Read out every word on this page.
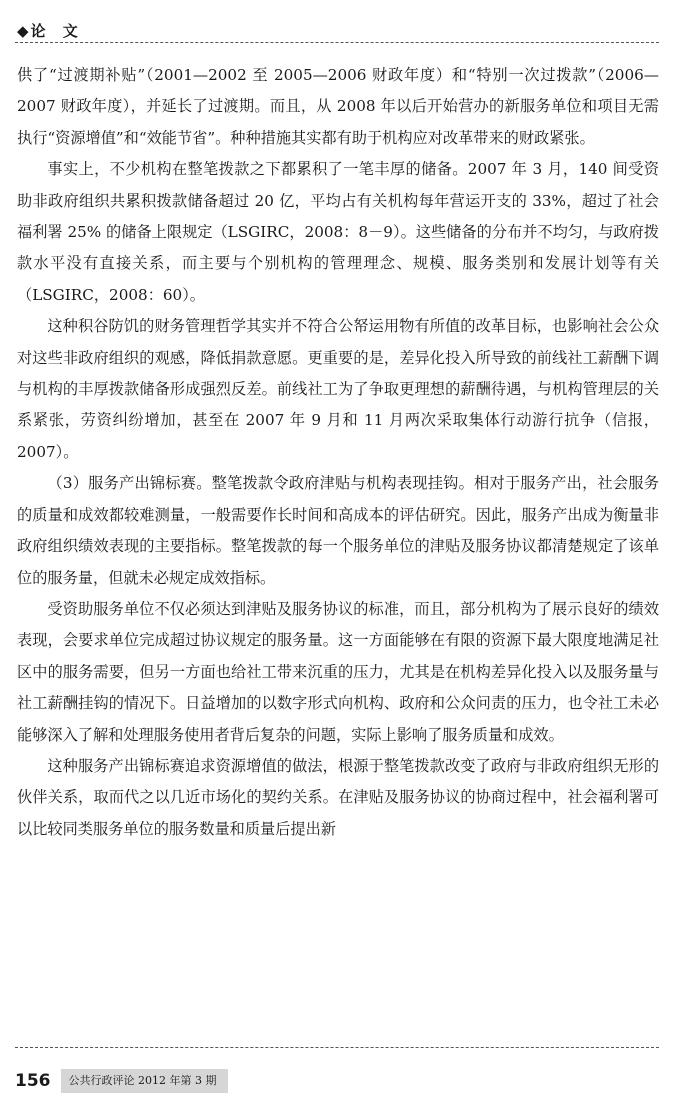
◆论 文

供了“过渡期补贴”（2001—2002 至 2005—2006 财政年度）和“特别一次过拨款”（2006—2007 财政年度），并延长了过渡期。而且，从 2008 年以后开始营办的新服务单位和项目无需执行“资源增值”和“效能节省”。种种措施其实都有助于机构应对改革带来的财政紧张。

事实上，不少机构在整笔拨款之下都累积了一笔丰厚的储备。2007 年 3 月，140 间受资助非政府组织共累积拨款储备超过 20 亿，平均占有关机构每年营运开支的 33%，超过了社会福利署 25% 的储备上限规定（LSGIRC，2008：8－9）。这些储备的分布并不均匀，与政府拨款水平没有直接关系，而主要与个别机构的管理理念、规模、服务类别和发展计划等有关（LSGIRC，2008：60）。

这种积谷防饥的财务管理哲学其实并不符合公帑运用物有所值的改革目标，也影响社会公众对这些非政府组织的观感，降低捐款意愿。更重要的是，差异化投入所导致的前线社工薪酬下调与机构的丰厚拨款储备形成强烈反差。前线社工为了争取更理想的薪酬待遇，与机构管理层的关系紧张，劳资纠纷增加，甚至在 2007 年 9 月和 11 月两次采取集体行动游行抗争（信报，2007）。

（3）服务产出锦标赛。整笔拨款令政府津贴与机构表现挂钩。相对于服务产出，社会服务的质量和成效都较难测量，一般需要作长时间和高成本的评估研究。因此，服务产出成为衡量非政府组织绩效表现的主要指标。整笔拨款的每一个服务单位的津贴及服务协议都清楚规定了该单位的服务量，但就未必规定成效指标。

受资助服务单位不仅必须达到津贴及服务协议的标准，而且，部分机构为了展示良好的绩效表现，会要求单位完成超过协议规定的服务量。这一方面能够在有限的资源下最大限度地满足社区中的服务需要，但另一方面也给社工带来沉重的压力，尤其是在机构差异化投入以及服务量与社工薪酬挂钩的情况下。日益增加的以数字形式向机构、政府和公众问责的压力，也令社工未必能够深入了解和处理服务使用者背后复杂的问题，实际上影响了服务质量和成效。

这种服务产出锦标赛追求资源增值的做法，根源于整笔拨款改变了政府与非政府组织无形的伙伴关系，取而代之以几近市场化的契约关系。在津贴及服务协议的协商过程中，社会福利署可以比较同类服务单位的服务数量和质量后提出新

156	公共行政评论 2012 年第 3 期
